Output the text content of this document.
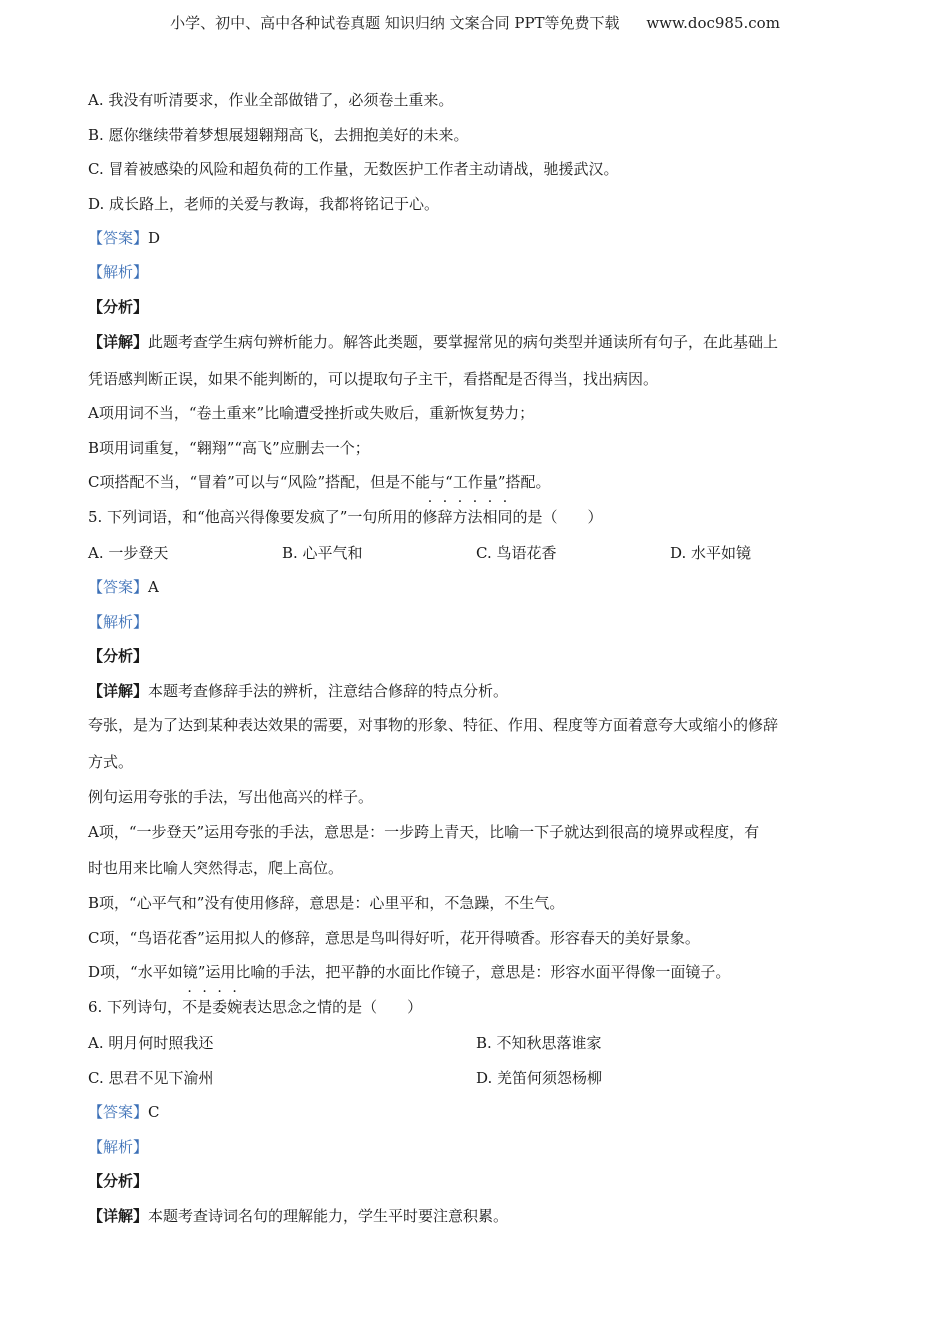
小学、初中、高中各种试卷真题 知识归纳 文案合同 PPT等免费下载 www.doc985.com
A. 我没有听清要求，作业全部做错了，必须卷土重来。
B. 愿你继续带着梦想展翅翱翔高飞，去拥抱美好的未来。
C. 冒着被感染的风险和超负荷的工作量，无数医护工作者主动请战，驰援武汉。
D. 成长路上，老师的关爱与教诲，我都将铭记于心。
【答案】D
【解析】
【分析】
【详解】此题考查学生病句辨析能力。解答此类题，要掌握常见的病句类型并通读所有句子，在此基础上
凭语感判断正误，如果不能判断的，可以提取句子主干，看搭配是否得当，找出病因。
A项用词不当，“卷土重来”比喻遭受挫折或失败后，重新恢复势力；
B项用词重复，“翱翔”“高飞”应删去一个；
C项搭配不当，“冒着”可以与“风险”搭配，但是不能与“工作量”搭配。
5. 下列词语，和“他高兴得像要发疯了”一句所用的修辞方法相同的是（　　）
A. 一步登天	B. 心平气和	C. 鸟语花香	D. 水平如镜
【答案】A
【解析】
【分析】
【详解】本题考查修辞手法的辨析，注意结合修辞的特点分析。
夸张，是为了达到某种表达效果的需要，对事物的形象、特征、作用、程度等方面着意夸大或缩小的修辞
方式。
例句运用夸张的手法，写出他高兴的样子。
A项，“一步登天”运用夸张的手法，意思是：一步跨上青天，比喻一下子就达到很高的境界或程度，有
时也用来比喻人突然得志，爬上高位。
B项，“心平气和”没有使用修辞，意思是：心里平和，不急躁，不生气。
C项，“鸟语花香”运用拟人的修辞，意思是鸟叫得好听，花开得喷香。形容春天的美好景象。
D项，“水平如镜”运用比喻的手法，把平静的水面比作镜子，意思是：形容水面平得像一面镜子。
6. 下列诗句，不是委婉表达思念之情的是（　　）
A. 明月何时照我还	B. 不知秋思落谁家
C. 思君不见下渝州	D. 羌笛何须怨杨柳
【答案】C
【解析】
【分析】
【详解】本题考查诗词名句的理解能力，学生平时要注意积累。
